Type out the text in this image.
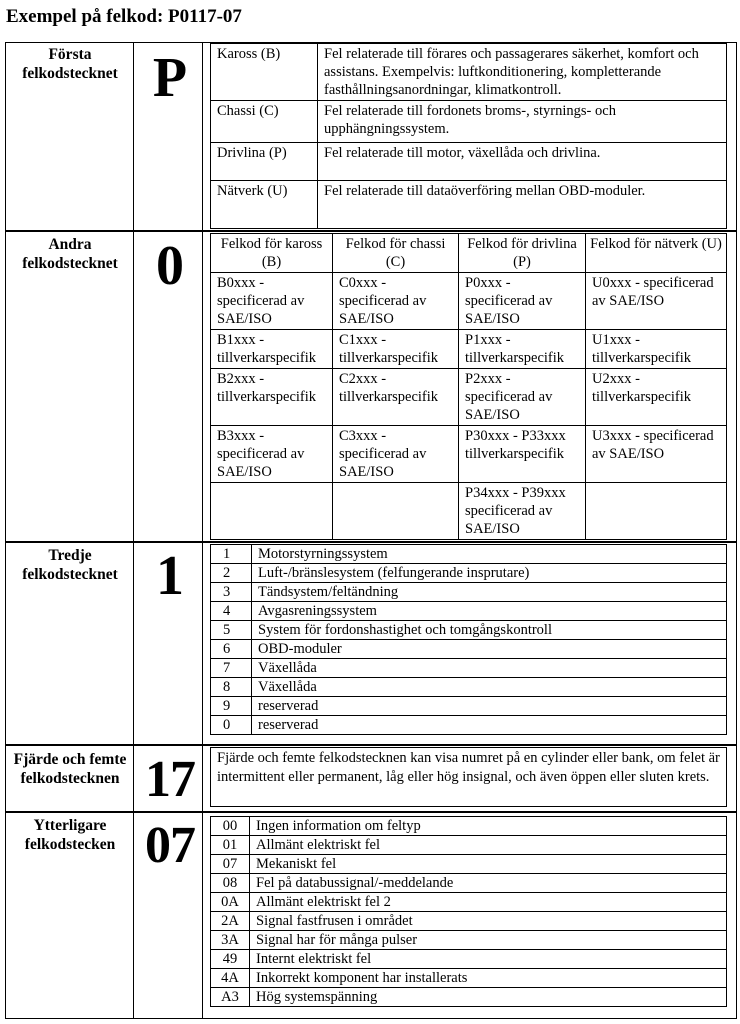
Exempel på felkod: P0117-07
Första felkodstecknet P	Kaross (B)	Fel relaterade till förares och passagerares säkerhet, komfort och assistans. Exempelvis: luftkonditionering, kompletterande fasthållningsanordningar, klimatkontroll.
Chassi (C)	Fel relaterade till fordonets broms-, styrnings- och upphängningssystem.
Drivlina (P)	Fel relaterade till motor, växellåda och drivlina.
Nätverk (U)	Fel relaterade till dataöverföring mellan OBD-moduler.
Andra felkodstecknet 0	Felkod för kaross (B)	Felkod för chassi (C)	Felkod för drivlina (P)	Felkod för nätverk (U)
B0xxx - specificerad av SAE/ISO	C0xxx - specificerad av SAE/ISO	P0xxx - specificerad av SAE/ISO	U0xxx - specificerad av SAE/ISO
B1xxx - tillverkarspecifik	C1xxx - tillverkarspecifik	P1xxx - tillverkarspecifik	U1xxx - tillverkarspecifik
B2xxx - tillverkarspecifik	C2xxx - tillverkarspecifik	P2xxx - specificerad av SAE/ISO	U2xxx - tillverkarspecifik
B3xxx - specificerad av SAE/ISO	C3xxx - specificerad av SAE/ISO	P30xxx - P33xxx tillverkarspecifik	U3xxx - specificerad av SAE/ISO
		P34xxx - P39xxx specificerad av SAE/ISO	
Tredje felkodstecknet 1	1	Motorstyrningssystem
2	Luft-/bränslesystem (felfungerande insprutare)
3	Tändsystem/feltändning
4	Avgasreningssystem
5	System för fordonshastighet och tomgångskontroll
6	OBD-moduler
7	Växellåda
8	Växellåda
9	reserverad
0	reserverad
Fjärde och femte felkodstecknen 17	Fjärde och femte felkodstecknen kan visa numret på en cylinder eller bank, om felet är intermittent eller permanent, låg eller hög insignal, och även öppen eller sluten krets.
Ytterligare felkodstecken 07	00	Ingen information om feltyp
01	Allmänt elektriskt fel
07	Mekaniskt fel
08	Fel på databussignal/-meddelande
0A	Allmänt elektriskt fel 2
2A	Signal fastfrusen i området
3A	Signal har för många pulser
49	Internt elektriskt fel
4A	Inkorrekt komponent har installerats
A3	Hög systemspänning
